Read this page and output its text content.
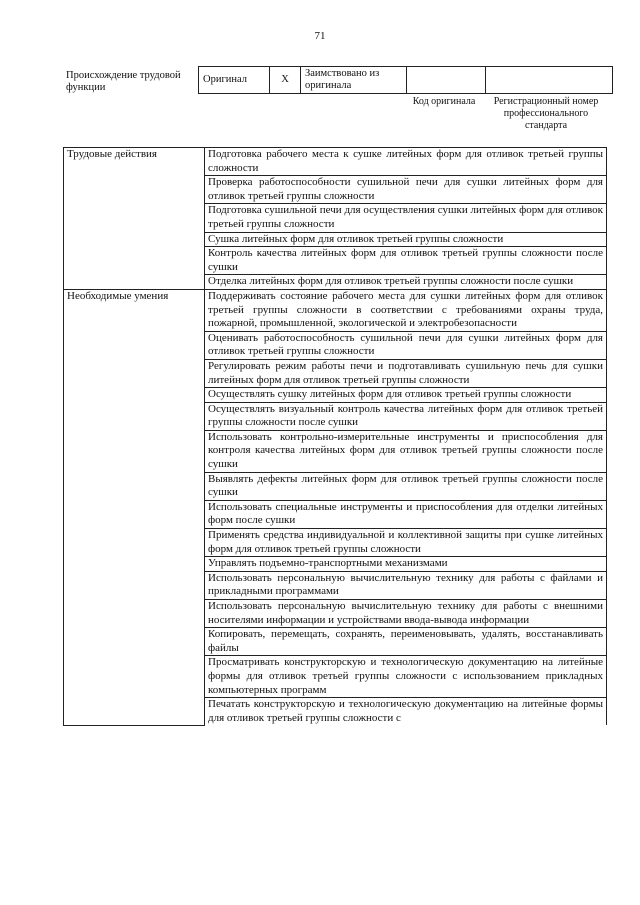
71
Происхождение трудовой функции
Оригинал	X	Заимствовано из оригинала		
Код оригинала	Регистрационный номер профессионального стандарта
Трудовые действия	Подготовка рабочего места к сушке литейных форм для отливок третьей группы сложности
	Проверка работоспособности сушильной печи для сушки литейных форм для отливок третьей группы сложности
	Подготовка сушильной печи для осуществления сушки литейных форм для отливок третьей группы сложности
	Сушка литейных форм для отливок третьей группы сложности
	Контроль качества литейных форм для отливок третьей группы сложности после сушки
	Отделка литейных форм для отливок третьей группы сложности после сушки
Необходимые умения	Поддерживать состояние рабочего места для сушки литейных форм для отливок третьей группы сложности в соответствии с требованиями охраны труда, пожарной, промышленной, экологической и электробезопасности
	Оценивать работоспособность сушильной печи для сушки литейных форм для отливок третьей группы сложности
	Регулировать режим работы печи и подготавливать сушильную печь для сушки литейных форм для отливок третьей группы сложности
	Осуществлять сушку литейных форм для отливок третьей группы сложности
	Осуществлять визуальный контроль качества литейных форм для отливок третьей группы сложности после сушки
	Использовать контрольно-измерительные инструменты и приспособления для контроля качества литейных форм для отливок третьей группы сложности после сушки
	Выявлять дефекты литейных форм для отливок третьей группы сложности после сушки
	Использовать специальные инструменты и приспособления для отделки литейных форм после сушки
	Применять средства индивидуальной и коллективной защиты при сушке литейных форм для отливок третьей группы сложности
	Управлять подъемно-транспортными механизмами
	Использовать персональную вычислительную технику для работы с файлами и прикладными программами
	Использовать персональную вычислительную технику для работы с внешними носителями информации и устройствами ввода-вывода информации
	Копировать, перемещать, сохранять, переименовывать, удалять, восстанавливать файлы
	Просматривать конструкторскую и технологическую документацию на литейные формы для отливок третьей группы сложности с использованием прикладных компьютерных программ
	Печатать конструкторскую и технологическую документацию на литейные формы для отливок третьей группы сложности с
